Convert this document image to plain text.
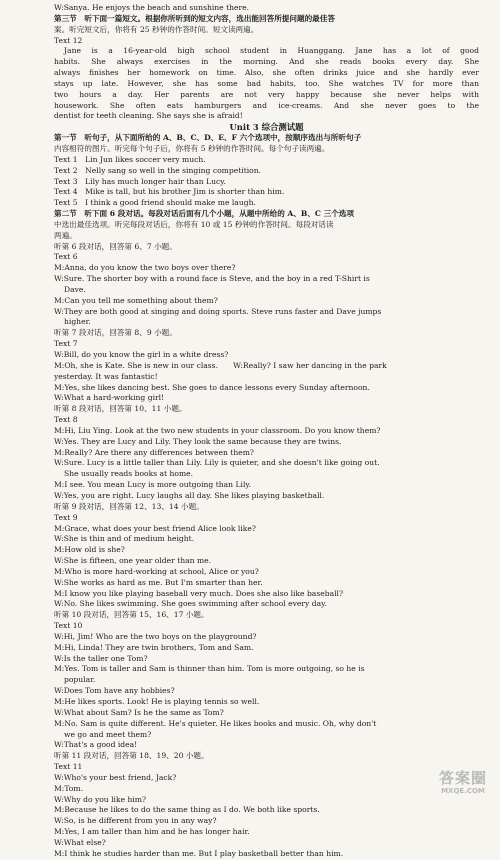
W:Sanya. He enjoys the beach and sunshine there.
第三节　听下面一篇短文。根据你所听到的短文内容，选出能回答所提问题的最佳答
案。听完短文后，你将有 25 秒钟的作答时间。短文读两遍。
Text 12
Jane is a 16-year-old high school student in Huanggang. Jane has a lot of good
habits. She always exercises in the morning. And she reads books every day. She
always finishes her homework on time. Also, she often drinks juice and she hardly ever
stays up late. However, she has some bad habits, too. She watches TV for more than
two hours a day. Her parents are not very happy because she never helps with
housework. She often eats hamburgers and ice-creams. And she never goes to the
dentist for teeth cleaning. She says she is afraid!
Unit 3 综合测试题
第一节　听句子，从下面所给的 A、B、C、D、E、F 六个选项中，按顺序选出与所听句子
内容相符的图片。听完每个句子后，你将有 5 秒钟的作答时间。每个句子读两遍。
Text 1　Lin Jun likes soccer very much.
Text 2　Nelly sang so well in the singing competition.
Text 3　Lily has much longer hair than Lucy.
Text 4　Mike is tall, but his brother Jim is shorter than him.
Text 5　I think a good friend should make me laugh.
第二节　听下面 6 段对话。每段对话后面有几个小题，从题中所给的 A、B、C 三个选项
中选出最佳选项。听完每段对话后，你将有 10 或 15 秒钟的作答时间。每段对话读
两遍。
听第 6 段对话，回答第 6、7 小题。
Text 6
M:Anna, do you know the two boys over there?
W:Sure. The shorter boy with a round face is Steve, and the boy in a red T-Shirt is
Dave.
M:Can you tell me something about them?
W:They are both good at singing and doing sports. Steve runs faster and Dave jumps
higher.
听第 7 段对话，回答第 8、9 小题。
Text 7
W:Bill, do you know the girl in a white dress?
M:Oh, she is Kate. She is new in our class.　　W:Really? I saw her dancing in the park
yesterday. It was fantastic!
M:Yes, she likes dancing best. She goes to dance lessons every Sunday afternoon.
W:What a hard-working girl!
听第 8 段对话，回答第 10、11 小题。
Text 8
M:Hi, Liu Ying. Look at the two new students in your classroom. Do you know them?
W:Yes. They are Lucy and Lily. They look the same because they are twins.
M:Really? Are there any differences between them?
W:Sure. Lucy is a little taller than Lily. Lily is quieter, and she doesn't like going out.
She usually reads books at home.
M:I see. You mean Lucy is more outgoing than Lily.
W:Yes, you are right. Lucy laughs all day. She likes playing basketball.
听第 9 段对话，回答第 12、13、14 小题。
Text 9
M:Grace, what does your best friend Alice look like?
W:She is thin and of medium height.
M:How old is she?
W:She is fifteen, one year older than me.
M:Who is more hard-working at school, Alice or you?
W:She works as hard as me. But I'm smarter than her.
M:I know you like playing baseball very much. Does she also like baseball?
W:No. She likes swimming. She goes swimming after school every day.
听第 10 段对话，回答第 15、16、17 小题。
Text 10
W:Hi, Jim! Who are the two boys on the playground?
M:Hi, Linda! They are twin brothers, Tom and Sam.
W:Is the taller one Tom?
M:Yes. Tom is taller and Sam is thinner than him. Tom is more outgoing, so he is
popular.
W:Does Tom have any hobbies?
M:He likes sports. Look! He is playing tennis so well.
W:What about Sam? Is he the same as Tom?
M:No. Sam is quite different. He's quieter. He likes books and music. Oh, why don't
we go and meet them?
W:That's a good idea!
听第 11 段对话，回答第 18、19、20 小题。
Text 11
W:Who's your best friend, Jack?
M:Tom.
W:Why do you like him?
M:Because he likes to do the same thing as I do. We both like sports.
W:So, is he different from you in any way?
M:Yes, I am taller than him and he has longer hair.
W:What else?
M:I think he studies harder than me. But I play basketball better than him.
答案圈
MXQE.COM
